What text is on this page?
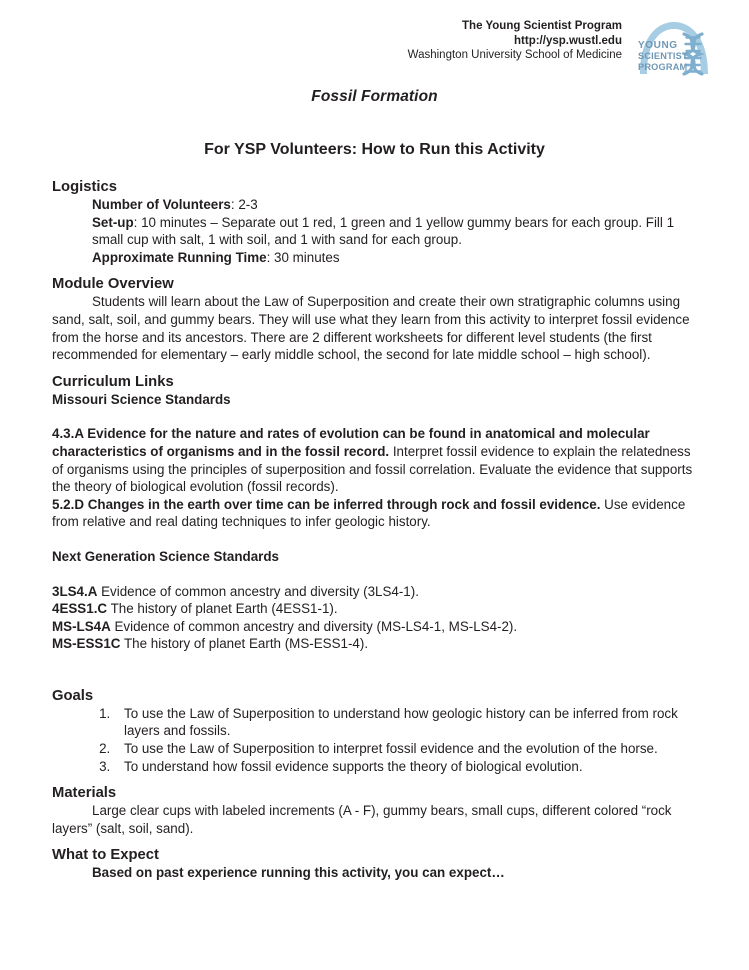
The Young Scientist Program
http://ysp.wustl.edu
Washington University School of Medicine
YOUNG
SCIENTIST
PROGRAM
Fossil Formation
For YSP Volunteers: How to Run this Activity
Logistics
Number of Volunteers: 2-3
Set-up: 10 minutes – Separate out 1 red, 1 green and 1 yellow gummy bears for each group. Fill 1 small cup with salt, 1 with soil, and 1 with sand for each group.
Approximate Running Time: 30 minutes
Module Overview
Students will learn about the Law of Superposition and create their own stratigraphic columns using sand, salt, soil, and gummy bears. They will use what they learn from this activity to interpret fossil evidence from the horse and its ancestors. There are 2 different worksheets for different level students (the first recommended for elementary – early middle school, the second for late middle school – high school).
Curriculum Links
Missouri Science Standards
4.3.A Evidence for the nature and rates of evolution can be found in anatomical and molecular characteristics of organisms and in the fossil record. Interpret fossil evidence to explain the relatedness of organisms using the principles of superposition and fossil correlation. Evaluate the evidence that supports the theory of biological evolution (fossil records).
5.2.D Changes in the earth over time can be inferred through rock and fossil evidence. Use evidence from relative and real dating techniques to infer geologic history.
Next Generation Science Standards
3LS4.A Evidence of common ancestry and diversity (3LS4-1).
4ESS1.C The history of planet Earth (4ESS1-1).
MS-LS4A Evidence of common ancestry and diversity (MS-LS4-1, MS-LS4-2).
MS-ESS1C The history of planet Earth (MS-ESS1-4).
Goals
1. To use the Law of Superposition to understand how geologic history can be inferred from rock layers and fossils.
2. To use the Law of Superposition to interpret fossil evidence and the evolution of the horse.
3. To understand how fossil evidence supports the theory of biological evolution.
Materials
Large clear cups with labeled increments (A - F), gummy bears, small cups, different colored “rock layers” (salt, soil, sand).
What to Expect
Based on past experience running this activity, you can expect…
